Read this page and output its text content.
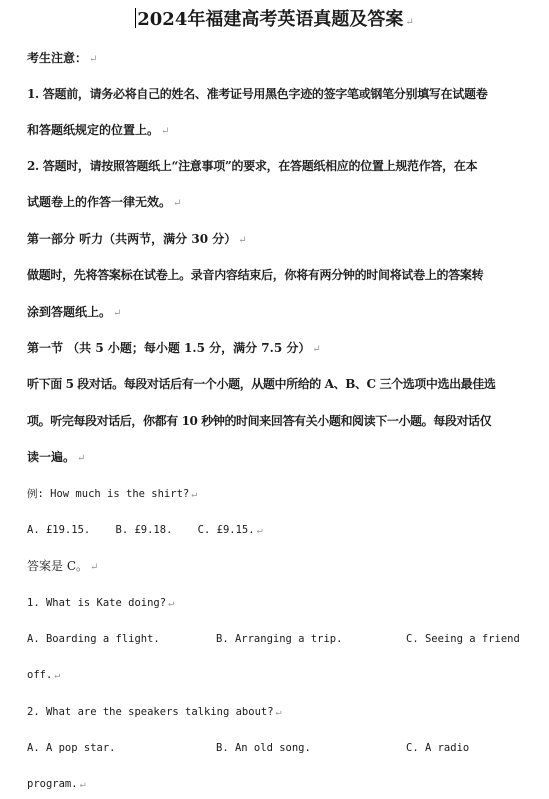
2024年福建高考英语真题及答案 ↵
考生注意： ↵
1. 答题前，请务必将自己的姓名、准考证号用黑色字迹的签字笔或钢笔分别填写在试题卷
和答题纸规定的位置上。 ↵
2. 答题时，请按照答题纸上“注意事项”的要求，在答题纸相应的位置上规范作答，在本
试题卷上的作答一律无效。 ↵
第一部分 听力（共两节，满分 30 分） ↵
做题时，先将答案标在试卷上。录音内容结束后，你将有两分钟的时间将试卷上的答案转
涂到答题纸上。 ↵
第一节 （共 5 小题；每小题 1.5 分，满分 7.5 分） ↵
听下面 5 段对话。每段对话后有一个小题，从题中所给的 A、B、C 三个选项中选出最佳选
项。听完每段对话后，你都有 10 秒钟的时间来回答有关小题和阅读下一小题。每段对话仅
读一遍。 ↵
例: How much is the shirt? ↵
A. £19.15.    B. £9.18.    C. £9.15. ↵
答案是 C。 ↵
1. What is Kate doing? ↵
A. Boarding a flight.	B. Arranging a trip.	C. Seeing a friend
off. ↵
2. What are the speakers talking about? ↵
A. A pop star.	B. An old song.	C. A radio
program. ↵
